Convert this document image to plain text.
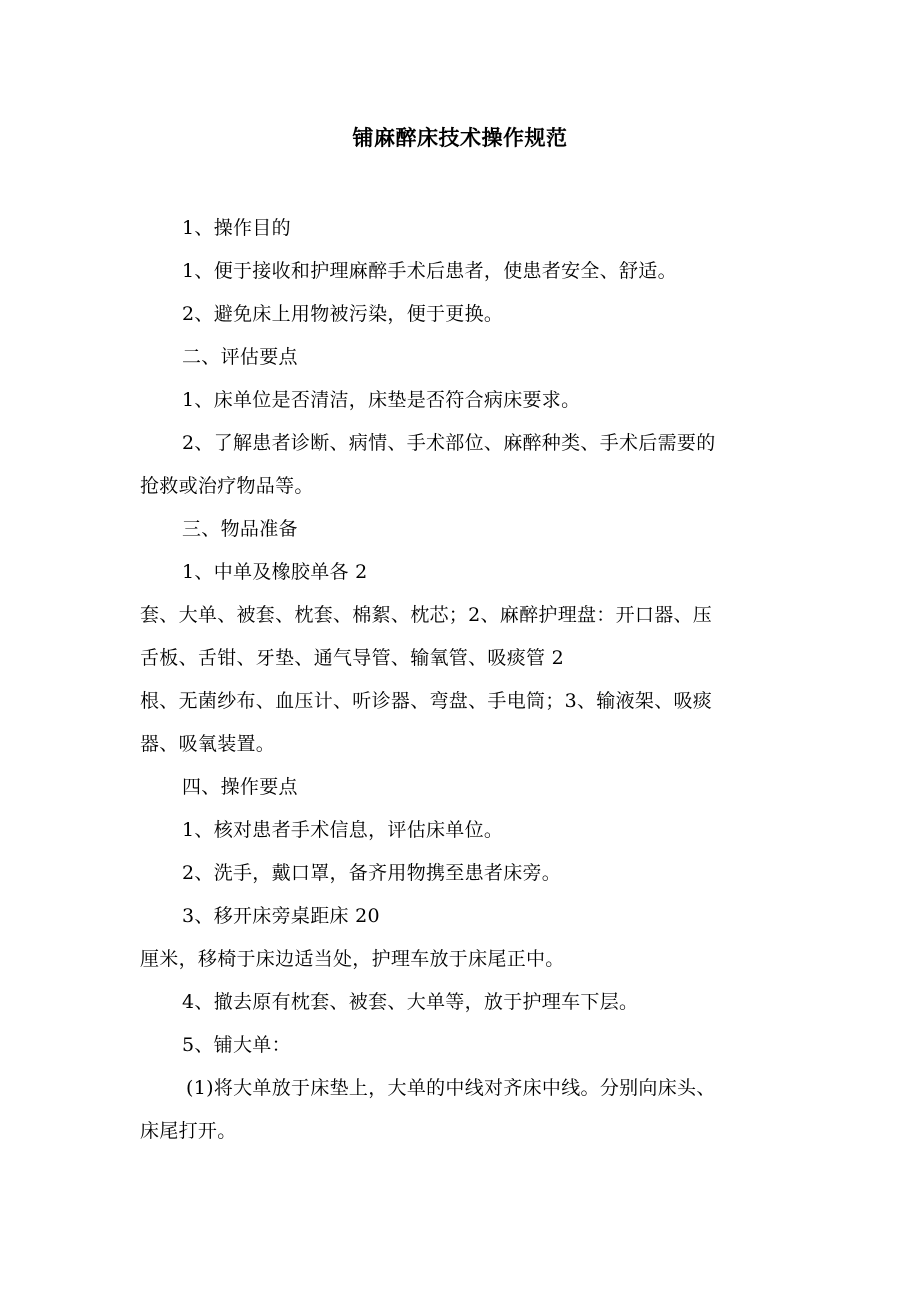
铺麻醉床技术操作规范

1、操作目的

1、便于接收和护理麻醉手术后患者，使患者安全、舒适。

2、避免床上用物被污染，便于更换。

二、评估要点

1、床单位是否清洁，床垫是否符合病床要求。

2、了解患者诊断、病情、手术部位、麻醉种类、手术后需要的

抢救或治疗物品等。

三、物品准备

1、中单及橡胶单各 2

套、大单、被套、枕套、棉絮、枕芯；2、麻醉护理盘：开口器、压

舌板、舌钳、牙垫、通气导管、输氧管、吸痰管 2

根、无菌纱布、血压计、听诊器、弯盘、手电筒；3、输液架、吸痰

器、吸氧装置。

四、操作要点

1、核对患者手术信息，评估床单位。

2、洗手，戴口罩，备齐用物携至患者床旁。

3、移开床旁桌距床 20

厘米，移椅于床边适当处，护理车放于床尾正中。

4、撤去原有枕套、被套、大单等，放于护理车下层。

5、铺大单：

(1)将大单放于床垫上，大单的中线对齐床中线。分别向床头、

床尾打开。
